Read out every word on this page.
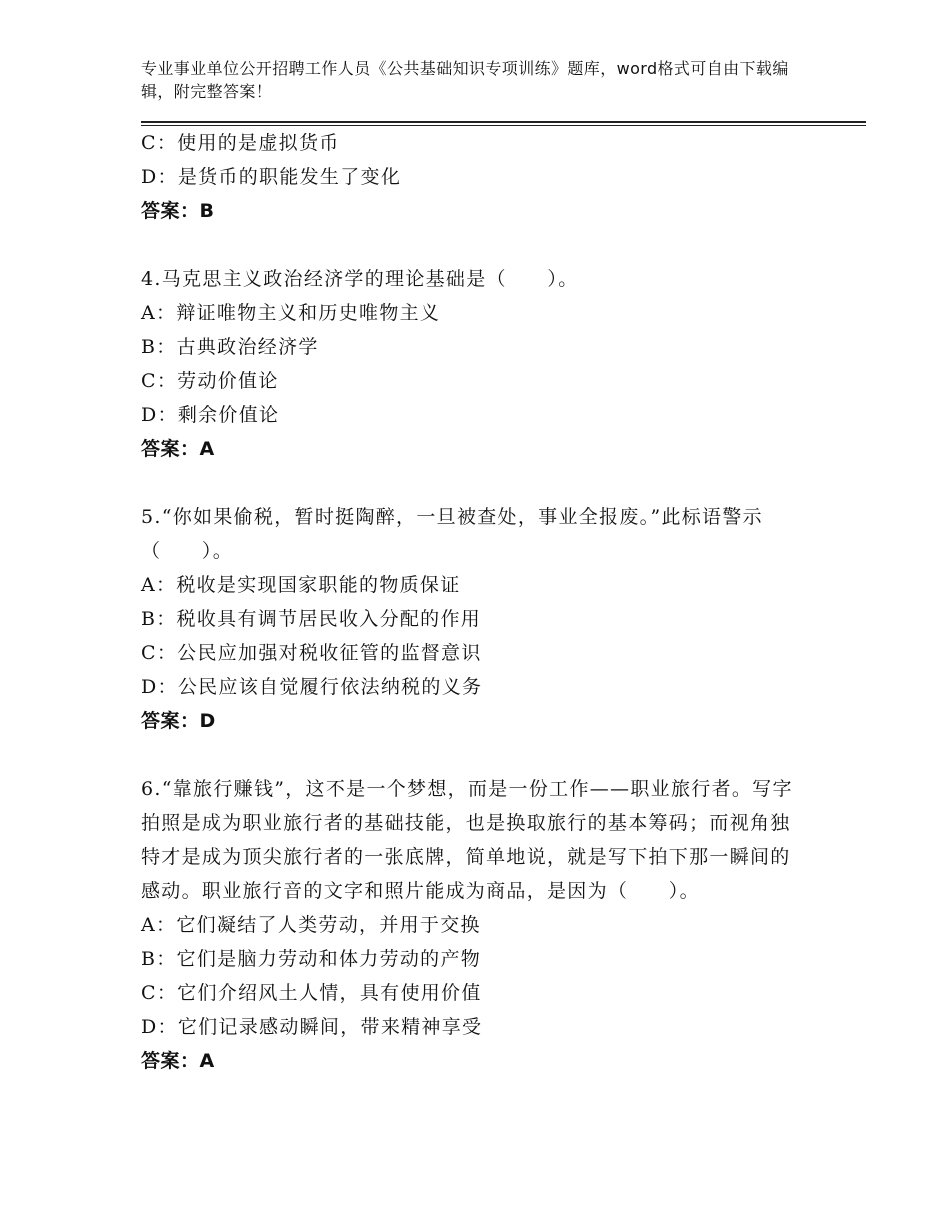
专业事业单位公开招聘工作人员《公共基础知识专项训练》题库，word格式可自由下载编辑，附完整答案！
C：使用的是虚拟货币
D：是货币的职能发生了变化
答案：B
4.马克思主义政治经济学的理论基础是（　　）。
A：辩证唯物主义和历史唯物主义
B：古典政治经济学
C：劳动价值论
D：剩余价值论
答案：A
5.“你如果偷税，暂时挺陶醉，一旦被查处，事业全报废。”此标语警示（　　）。
A：税收是实现国家职能的物质保证
B：税收具有调节居民收入分配的作用
C：公民应加强对税收征管的监督意识
D：公民应该自觉履行依法纳税的义务
答案：D
6.“靠旅行赚钱”，这不是一个梦想，而是一份工作——职业旅行者。写字拍照是成为职业旅行者的基础技能，也是换取旅行的基本筹码；而视角独特才是成为顶尖旅行者的一张底牌，简单地说，就是写下拍下那一瞬间的感动。职业旅行音的文字和照片能成为商品，是因为（　　）。
A：它们凝结了人类劳动，并用于交换
B：它们是脑力劳动和体力劳动的产物
C：它们介绍风土人情，具有使用价值
D：它们记录感动瞬间，带来精神享受
答案：A
